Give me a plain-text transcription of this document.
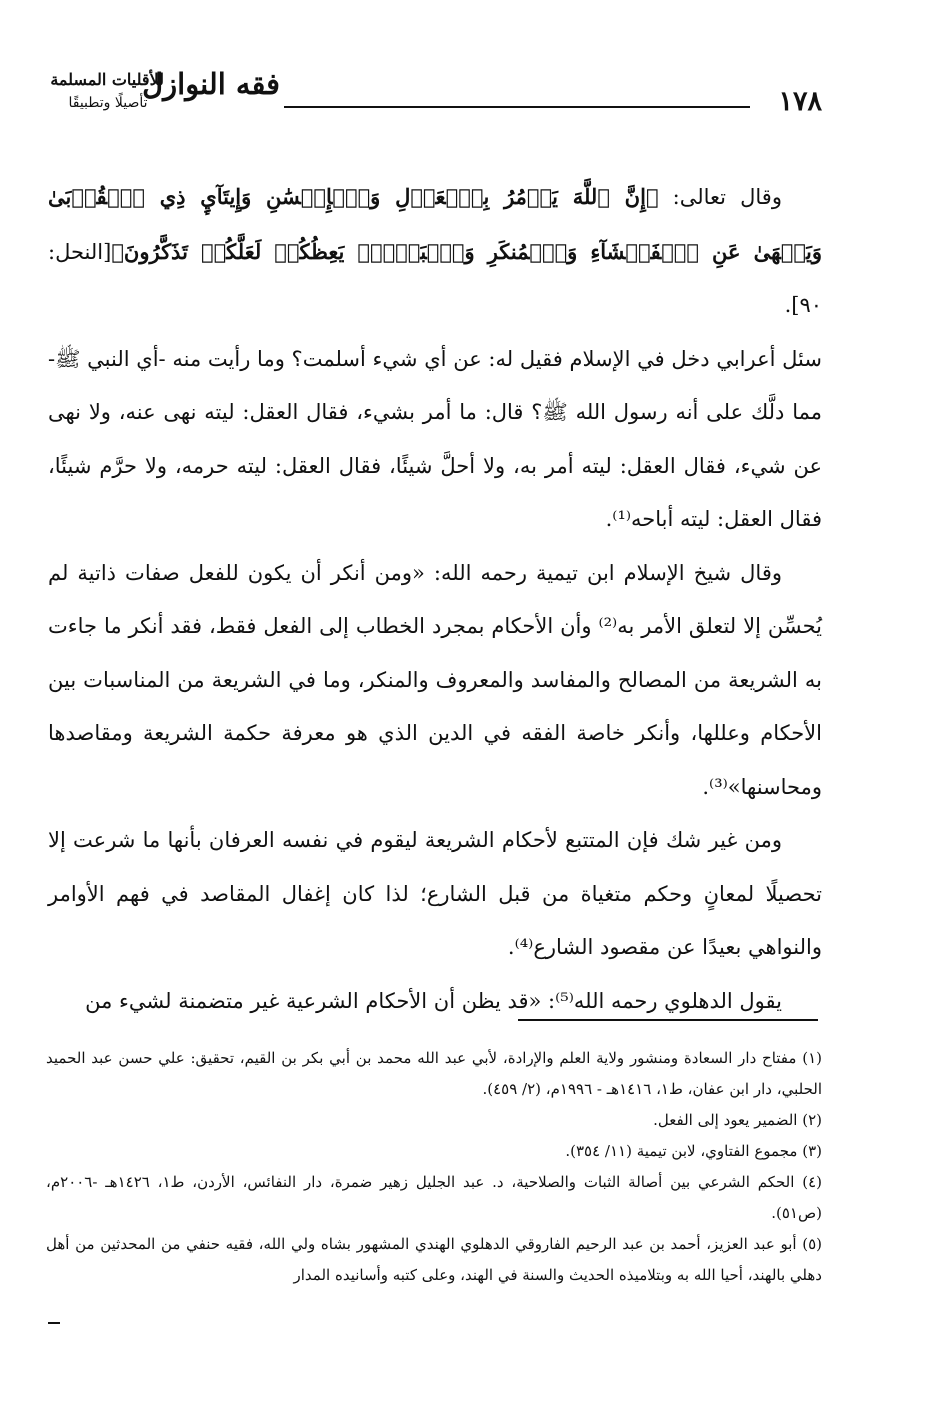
فقه النوازل
للأقليات المسلمة
تأصيلًا وتطبيقًا	١٧٨

وقال تعالى: ﴿إِنَّ ٱللَّهَ يَأۡمُرُ بِٱلۡعَدۡلِ وَٱلۡإِحۡسَٰنِ وَإِيتَآيِٕ ذِي ٱلۡقُرۡبَىٰ وَيَنۡهَىٰ عَنِ ٱلۡفَحۡشَآءِ وَٱلۡمُنكَرِ وَٱلۡبَغۡيِۚ يَعِظُكُمۡ لَعَلَّكُمۡ تَذَكَّرُونَ﴾[النحل: ٩٠].

سئل أعرابي دخل في الإسلام فقيل له: عن أي شيء أسلمت؟ وما رأيت منه -أي النبي ﷺ- مما دلَّك على أنه رسول الله ﷺ؟ قال: ما أمر بشيء، فقال العقل: ليته نهى عنه، ولا نهى عن شيء، فقال العقل: ليته أمر به، ولا أحلَّ شيئًا، فقال العقل: ليته حرمه، ولا حرَّم شيئًا، فقال العقل: ليته أباحه⁽¹⁾.

وقال شيخ الإسلام ابن تيمية رحمه الله: «ومن أنكر أن يكون للفعل صفات ذاتية لم يُحسِّن إلا لتعلق الأمر به⁽²⁾ وأن الأحكام بمجرد الخطاب إلى الفعل فقط، فقد أنكر ما جاءت به الشريعة من المصالح والمفاسد والمعروف والمنكر، وما في الشريعة من المناسبات بين الأحكام وعللها، وأنكر خاصة الفقه في الدين الذي هو معرفة حكمة الشريعة ومقاصدها ومحاسنها»⁽³⁾.

ومن غير شك فإن المتتبع لأحكام الشريعة ليقوم في نفسه العرفان بأنها ما شرعت إلا تحصيلًا لمعانٍ وحكم متغياة من قبل الشارع؛ لذا كان إغفال المقاصد في فهم الأوامر والنواهي بعيدًا عن مقصود الشارع⁽⁴⁾.

يقول الدهلوي رحمه الله⁽⁵⁾: «قد يظن أن الأحكام الشرعية غير متضمنة لشيء من

(١) مفتاح دار السعادة ومنشور ولاية العلم والإرادة، لأبي عبد الله محمد بن أبي بكر بن القيم، تحقيق: علي حسن عبد الحميد الحلبي، دار ابن عفان، ط١، ١٤١٦هـ - ١٩٩٦م، (٢/ ٤٥٩).

(٢) الضمير يعود إلى الفعل.

(٣) مجموع الفتاوي، لابن تيمية (١١/ ٣٥٤).

(٤) الحكم الشرعي بين أصالة الثبات والصلاحية، د. عبد الجليل زهير ضمرة، دار النفائس، الأردن، ط١، ١٤٢٦هـ -٢٠٠٦م، (ص٥١).

(٥) أبو عبد العزيز، أحمد بن عبد الرحيم الفاروقي الدهلوي الهندي المشهور بشاه ولي الله، فقيه حنفي من المحدثين من أهل دهلي بالهند، أحيا الله به وبتلاميذه الحديث والسنة في الهند، وعلى كتبه وأسانيده المدار
